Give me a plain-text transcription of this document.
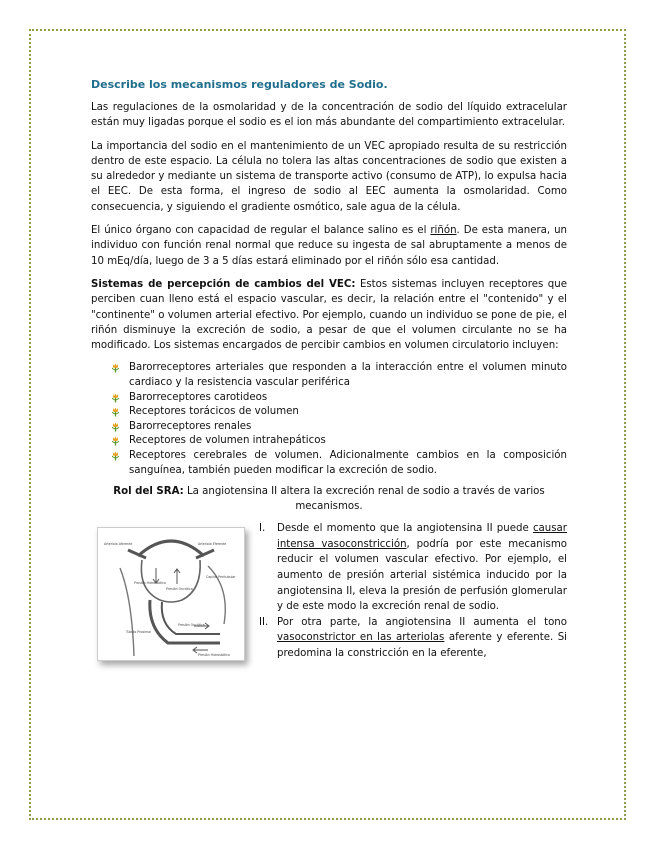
Describe los mecanismos reguladores de Sodio.

Las regulaciones de la osmolaridad y de la concentración de sodio del líquido extracelular están muy ligadas porque el sodio es el ion más abundante del compartimiento extracelular.

La importancia del sodio en el mantenimiento de un VEC apropiado resulta de su restricción dentro de este espacio. La célula no tolera las altas concentraciones de sodio que existen a su alrededor y mediante un sistema de transporte activo (consumo de ATP), lo expulsa hacia el EEC. De esta forma, el ingreso de sodio al EEC aumenta la osmolaridad. Como consecuencia, y siguiendo el gradiente osmótico, sale agua de la célula.

El único órgano con capacidad de regular el balance salino es el riñón. De esta manera, un individuo con función renal normal que reduce su ingesta de sal abruptamente a menos de 10 mEq/día, luego de 3 a 5 días estará eliminado por el riñón sólo esa cantidad.

Sistemas de percepción de cambios del VEC: Estos sistemas incluyen receptores que perciben cuan lleno está el espacio vascular, es decir, la relación entre el "contenido" y el "continente" o volumen arterial efectivo. Por ejemplo, cuando un individuo se pone de pie, el riñón disminuye la excreción de sodio, a pesar de que el volumen circulante no se ha modificado. Los sistemas encargados de percibir cambios en volumen circulatorio incluyen:

Barorreceptores arteriales que responden a la interacción entre el volumen minuto cardiaco y la resistencia vascular periférica
Barorreceptores carotideos
Receptores torácicos de volumen
Barorreceptores renales
Receptores de volumen intrahepáticos
Receptores cerebrales de volumen. Adicionalmente cambios en la composición sanguínea, también pueden modificar la excreción de sodio.
Rol del SRA: La angiotensina II altera la excreción renal de sodio a través de varios mecanismos.
Arteriola Aferente	Arteriola Eferente
Presión Hidrostática
Presión Oncótica
Capilar Peritubular
Túbulo Proximal
Presión Oncótica
Presión Hidrostática
I. Desde el momento que la angiotensina II puede causar intensa vasoconstricción, podría por este mecanismo reducir el volumen vascular efectivo. Por ejemplo, el aumento de presión arterial sistémica inducido por la angiotensina II, eleva la presión de perfusión glomerular y de este modo la excreción renal de sodio.
II. Por otra parte, la angiotensina II aumenta el tono vasoconstrictor en las arteriolas aferente y eferente. Si predomina la constricción en la eferente,
